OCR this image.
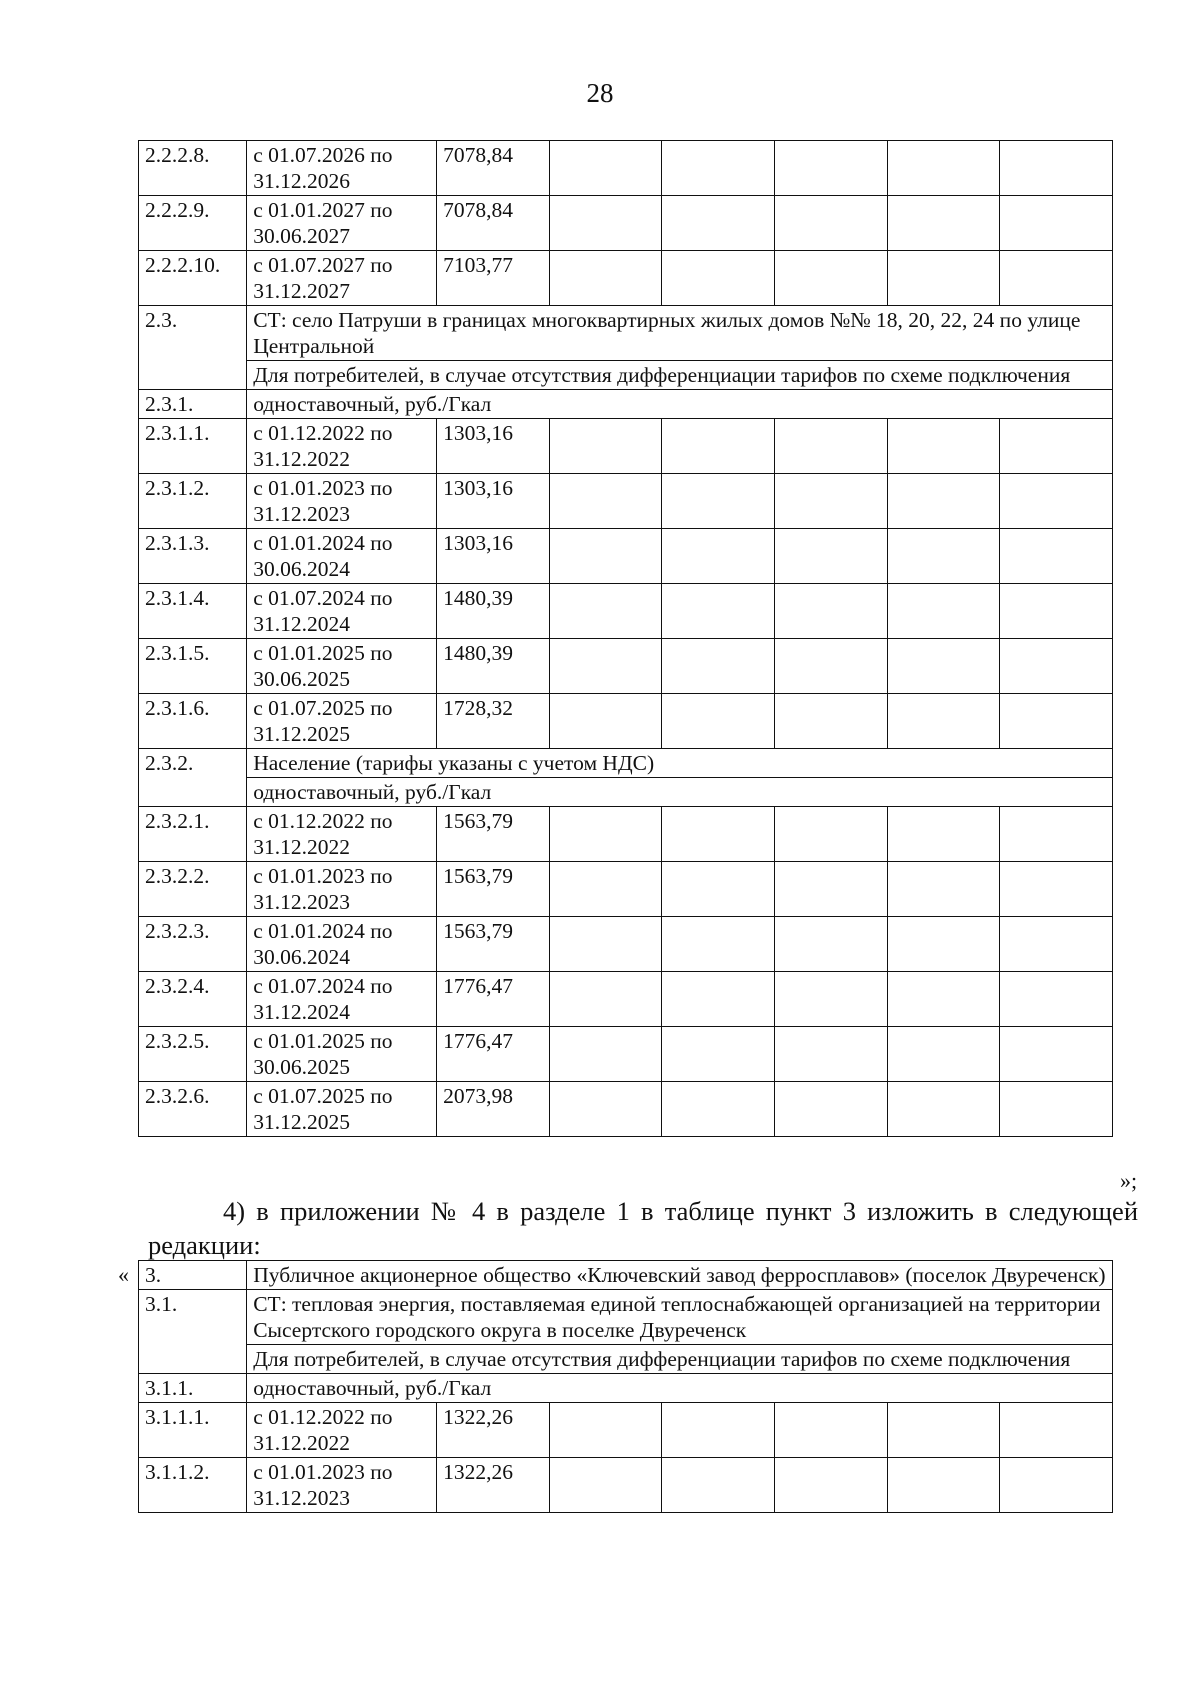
28
2.2.2.8.	с 01.07.2026 по 31.12.2026	7078,84					
2.2.2.9.	с 01.01.2027 по 30.06.2027	7078,84					
2.2.2.10.	с 01.07.2027 по 31.12.2027	7103,77					
2.3.	СТ: село Патруши в границах многоквартирных жилых домов №№ 18, 20, 22, 24 по улице Центральной						
	Для потребителей, в случае отсутствия дифференциации тарифов по схеме подключения						
2.3.1.	одноставочный, руб./Гкал						
2.3.1.1.	с 01.12.2022 по 31.12.2022	1303,16					
2.3.1.2.	с 01.01.2023 по 31.12.2023	1303,16					
2.3.1.3.	с 01.01.2024 по 30.06.2024	1303,16					
2.3.1.4.	с 01.07.2024 по 31.12.2024	1480,39					
2.3.1.5.	с 01.01.2025 по 30.06.2025	1480,39					
2.3.1.6.	с 01.07.2025 по 31.12.2025	1728,32					
2.3.2.	Население (тарифы указаны с учетом НДС)						
	одноставочный, руб./Гкал						
2.3.2.1.	с 01.12.2022 по 31.12.2022	1563,79					
2.3.2.2.	с 01.01.2023 по 31.12.2023	1563,79					
2.3.2.3.	с 01.01.2024 по 30.06.2024	1563,79					
2.3.2.4.	с 01.07.2024 по 31.12.2024	1776,47					
2.3.2.5.	с 01.01.2025 по 30.06.2025	1776,47					
2.3.2.6.	с 01.07.2025 по 31.12.2025	2073,98					
»;
4) в приложении № 4 в разделе 1 в таблице пункт 3 изложить в следующей редакции:
« 3.	Публичное акционерное общество «Ключевский завод ферросплавов» (поселок Двуреченск)						
3.1.	СТ: тепловая энергия, поставляемая единой теплоснабжающей организацией на территории Сысертского городского округа в поселке Двуреченск						
	Для потребителей, в случае отсутствия дифференциации тарифов по схеме подключения						
3.1.1.	одноставочный, руб./Гкал						
3.1.1.1.	с 01.12.2022 по 31.12.2022	1322,26					
3.1.1.2.	с 01.01.2023 по 31.12.2023	1322,26					
